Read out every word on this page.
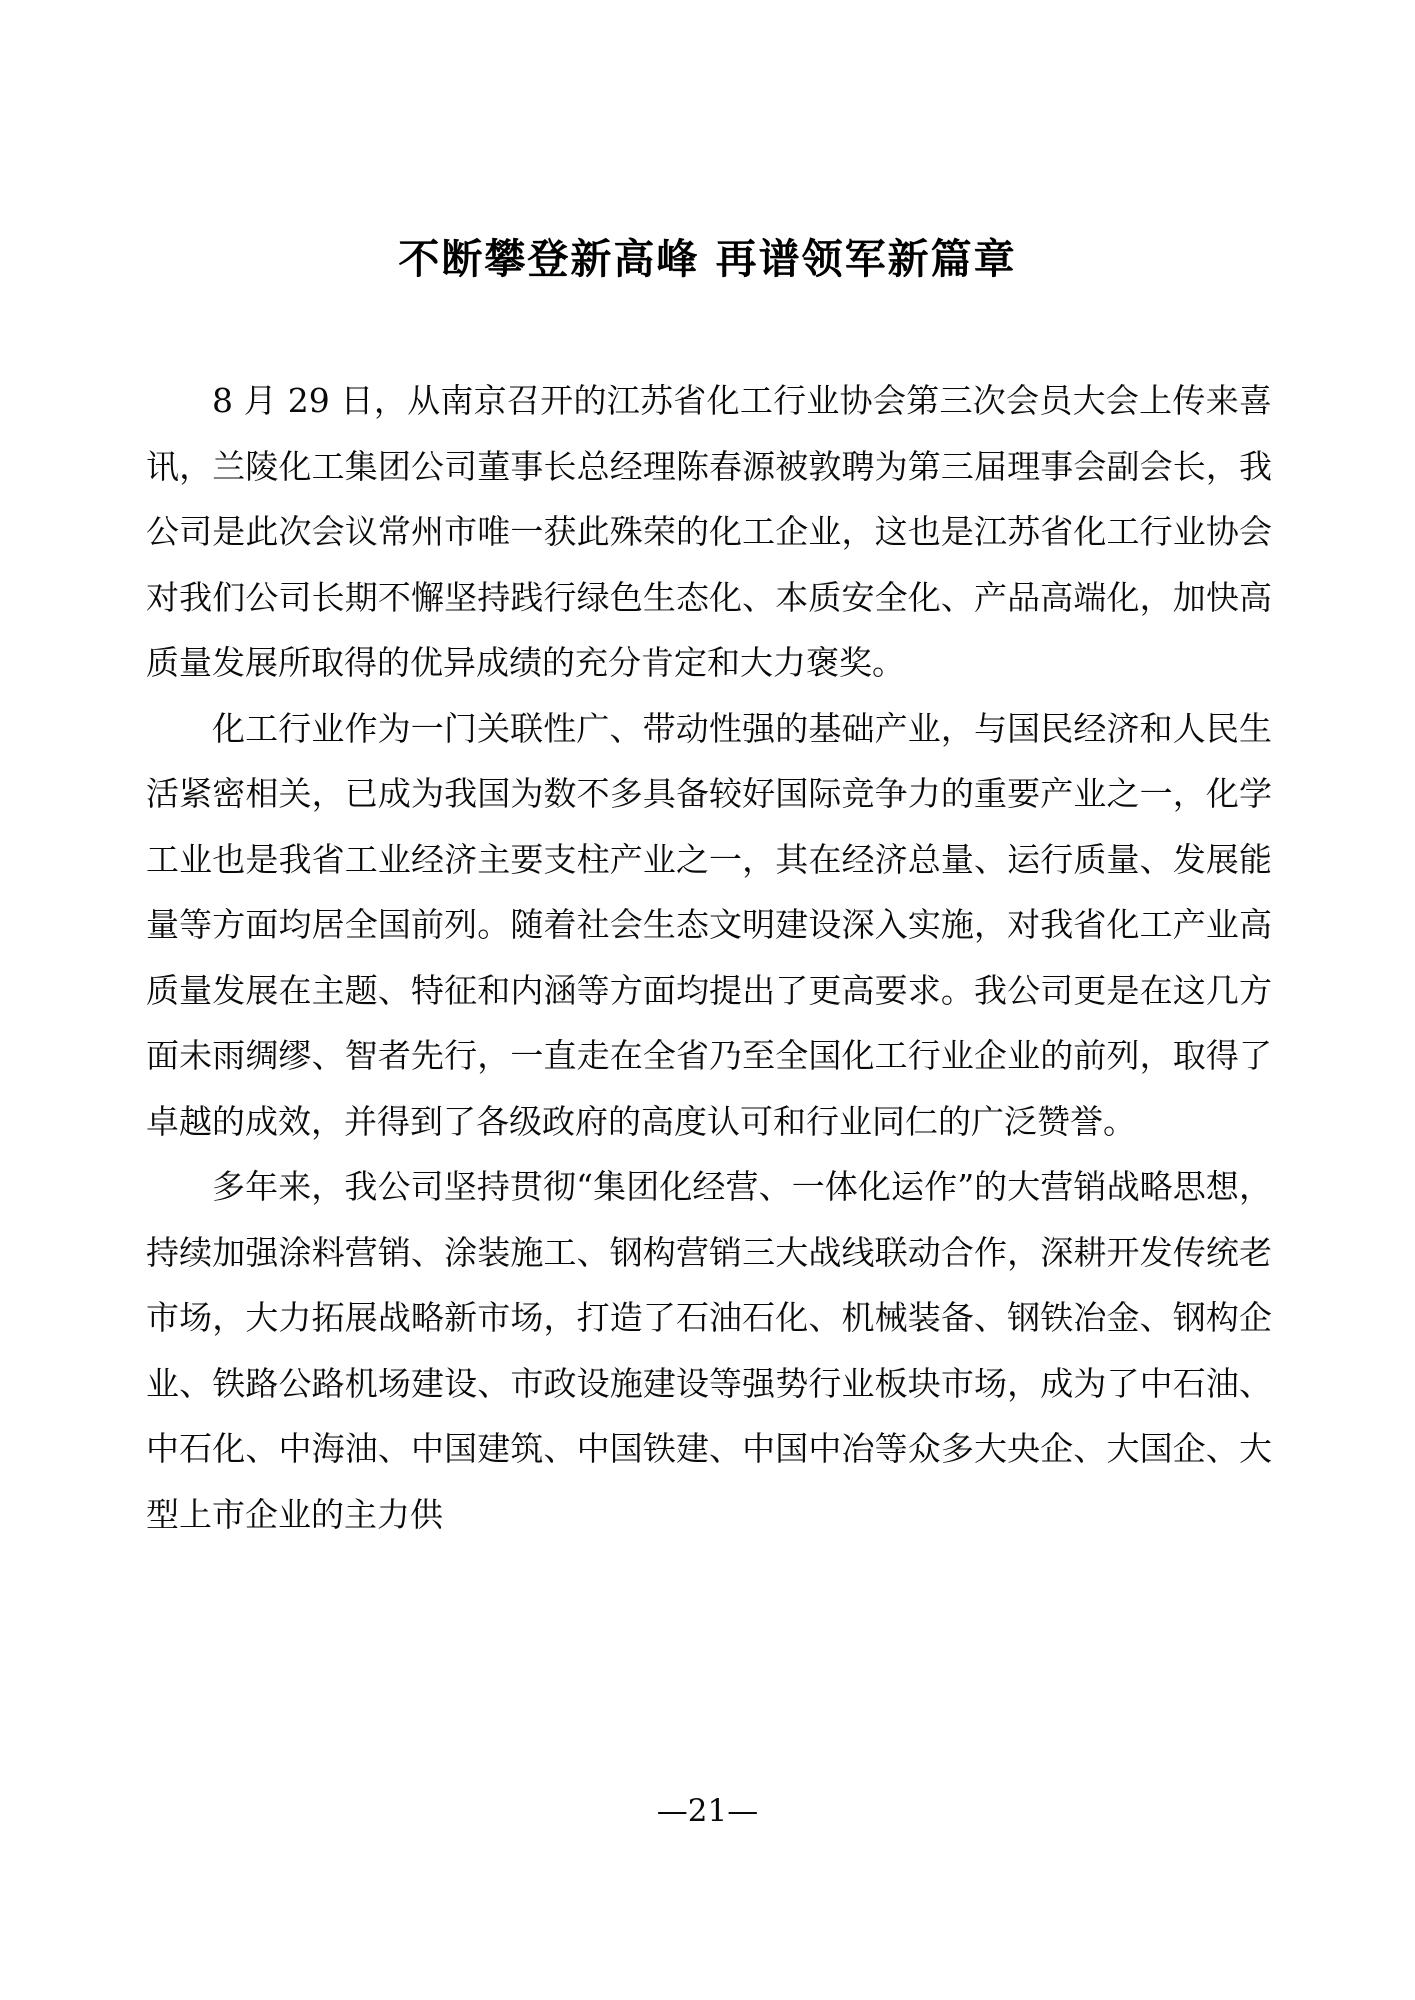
不断攀登新高峰 再谱领军新篇章

8 月 29 日，从南京召开的江苏省化工行业协会第三次会员大会上传来喜讯，兰陵化工集团公司董事长总经理陈春源被敦聘为第三届理事会副会长，我公司是此次会议常州市唯一获此殊荣的化工企业，这也是江苏省化工行业协会对我们公司长期不懈坚持践行绿色生态化、本质安全化、产品高端化，加快高质量发展所取得的优异成绩的充分肯定和大力褒奖。

化工行业作为一门关联性广、带动性强的基础产业，与国民经济和人民生活紧密相关，已成为我国为数不多具备较好国际竞争力的重要产业之一，化学工业也是我省工业经济主要支柱产业之一，其在经济总量、运行质量、发展能量等方面均居全国前列。随着社会生态文明建设深入实施，对我省化工产业高质量发展在主题、特征和内涵等方面均提出了更高要求。我公司更是在这几方面未雨绸缪、智者先行，一直走在全省乃至全国化工行业企业的前列，取得了卓越的成效，并得到了各级政府的高度认可和行业同仁的广泛赞誉。

多年来，我公司坚持贯彻“集团化经营、一体化运作”的大营销战略思想，持续加强涂料营销、涂装施工、钢构营销三大战线联动合作，深耕开发传统老市场，大力拓展战略新市场，打造了石油石化、机械装备、钢铁冶金、钢构企业、铁路公路机场建设、市政设施建设等强势行业板块市场，成为了中石油、中石化、中海油、中国建筑、中国铁建、中国中冶等众多大央企、大国企、大型上市企业的主力供

—21—
